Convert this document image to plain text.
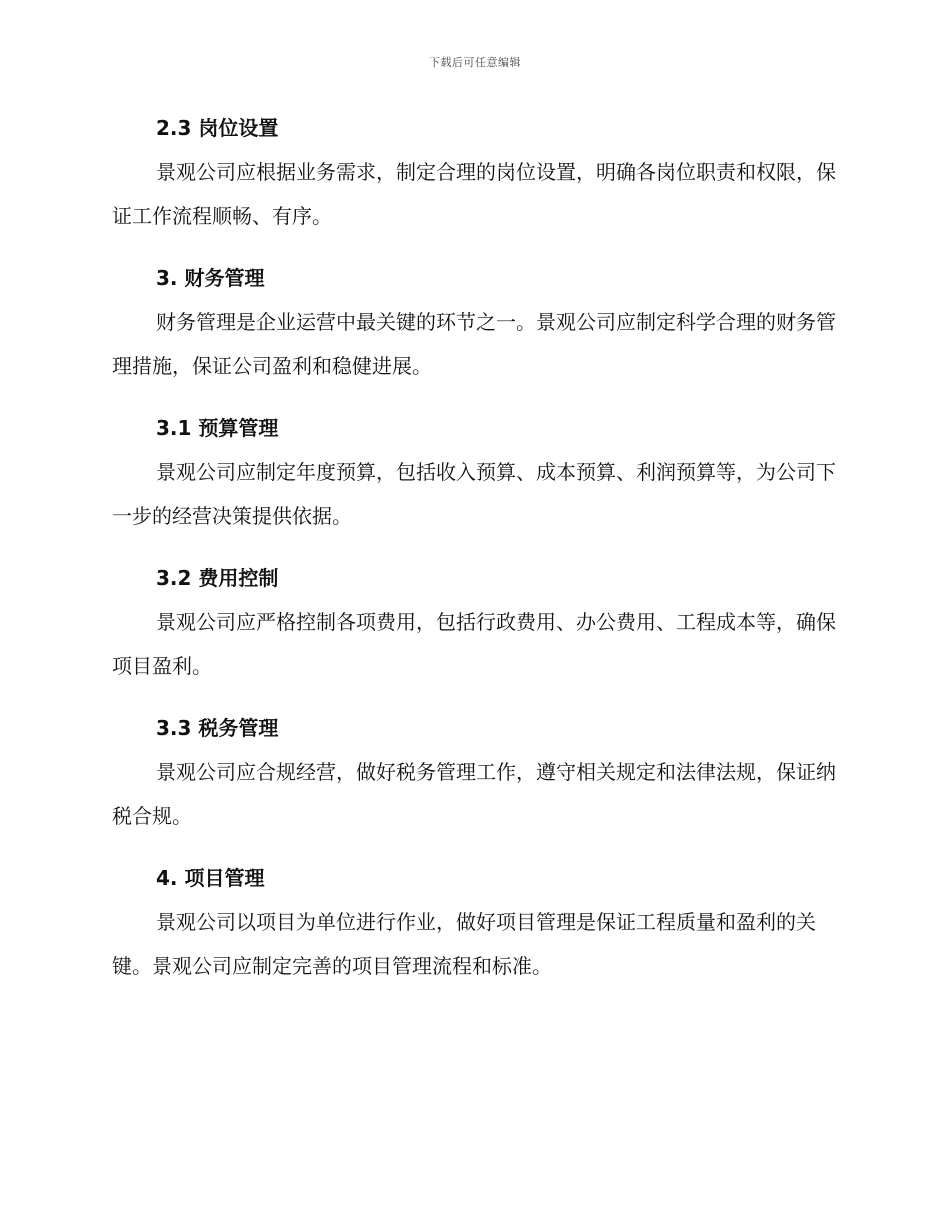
下载后可任意编辑
2.3 岗位设置

景观公司应根据业务需求，制定合理的岗位设置，明确各岗位职责和权限，保证工作流程顺畅、有序。

3. 财务管理

财务管理是企业运营中最关键的环节之一。景观公司应制定科学合理的财务管理措施，保证公司盈利和稳健进展。

3.1 预算管理

景观公司应制定年度预算，包括收入预算、成本预算、利润预算等，为公司下一步的经营决策提供依据。

3.2 费用控制

景观公司应严格控制各项费用，包括行政费用、办公费用、工程成本等，确保项目盈利。

3.3 税务管理

景观公司应合规经营，做好税务管理工作，遵守相关规定和法律法规，保证纳税合规。

4. 项目管理

景观公司以项目为单位进行作业，做好项目管理是保证工程质量和盈利的关键。景观公司应制定完善的项目管理流程和标准。
